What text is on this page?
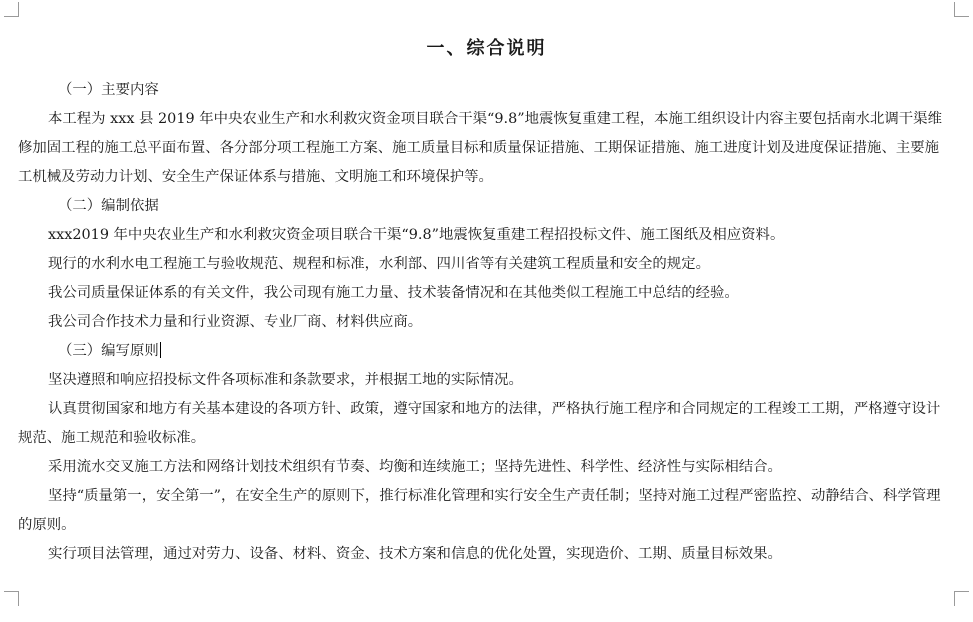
一、综合说明

（一）主要内容

本工程为 xxx 县 2019 年中央农业生产和水利救灾资金项目联合干渠“9.8”地震恢复重建工程，本施工组织设计内容主要包括南水北调干渠维修加固工程的施工总平面布置、各分部分项工程施工方案、施工质量目标和质量保证措施、工期保证措施、施工进度计划及进度保证措施、主要施工机械及劳动力计划、安全生产保证体系与措施、文明施工和环境保护等。

（二）编制依据

xxx2019 年中央农业生产和水利救灾资金项目联合干渠“9.8”地震恢复重建工程招投标文件、施工图纸及相应资料。

现行的水利水电工程施工与验收规范、规程和标准，水利部、四川省等有关建筑工程质量和安全的规定。

我公司质量保证体系的有关文件，我公司现有施工力量、技术装备情况和在其他类似工程施工中总结的经验。

我公司合作技术力量和行业资源、专业厂商、材料供应商。

（三）编写原则

坚决遵照和响应招投标文件各项标准和条款要求，并根据工地的实际情况。

认真贯彻国家和地方有关基本建设的各项方针、政策，遵守国家和地方的法律，严格执行施工程序和合同规定的工程竣工工期，严格遵守设计规范、施工规范和验收标准。

采用流水交叉施工方法和网络计划技术组织有节奏、均衡和连续施工；坚持先进性、科学性、经济性与实际相结合。

坚持“质量第一，安全第一”，在安全生产的原则下，推行标准化管理和实行安全生产责任制；坚持对施工过程严密监控、动静结合、科学管理的原则。

实行项目法管理，通过对劳力、设备、材料、资金、技术方案和信息的优化处置，实现造价、工期、质量目标效果。
